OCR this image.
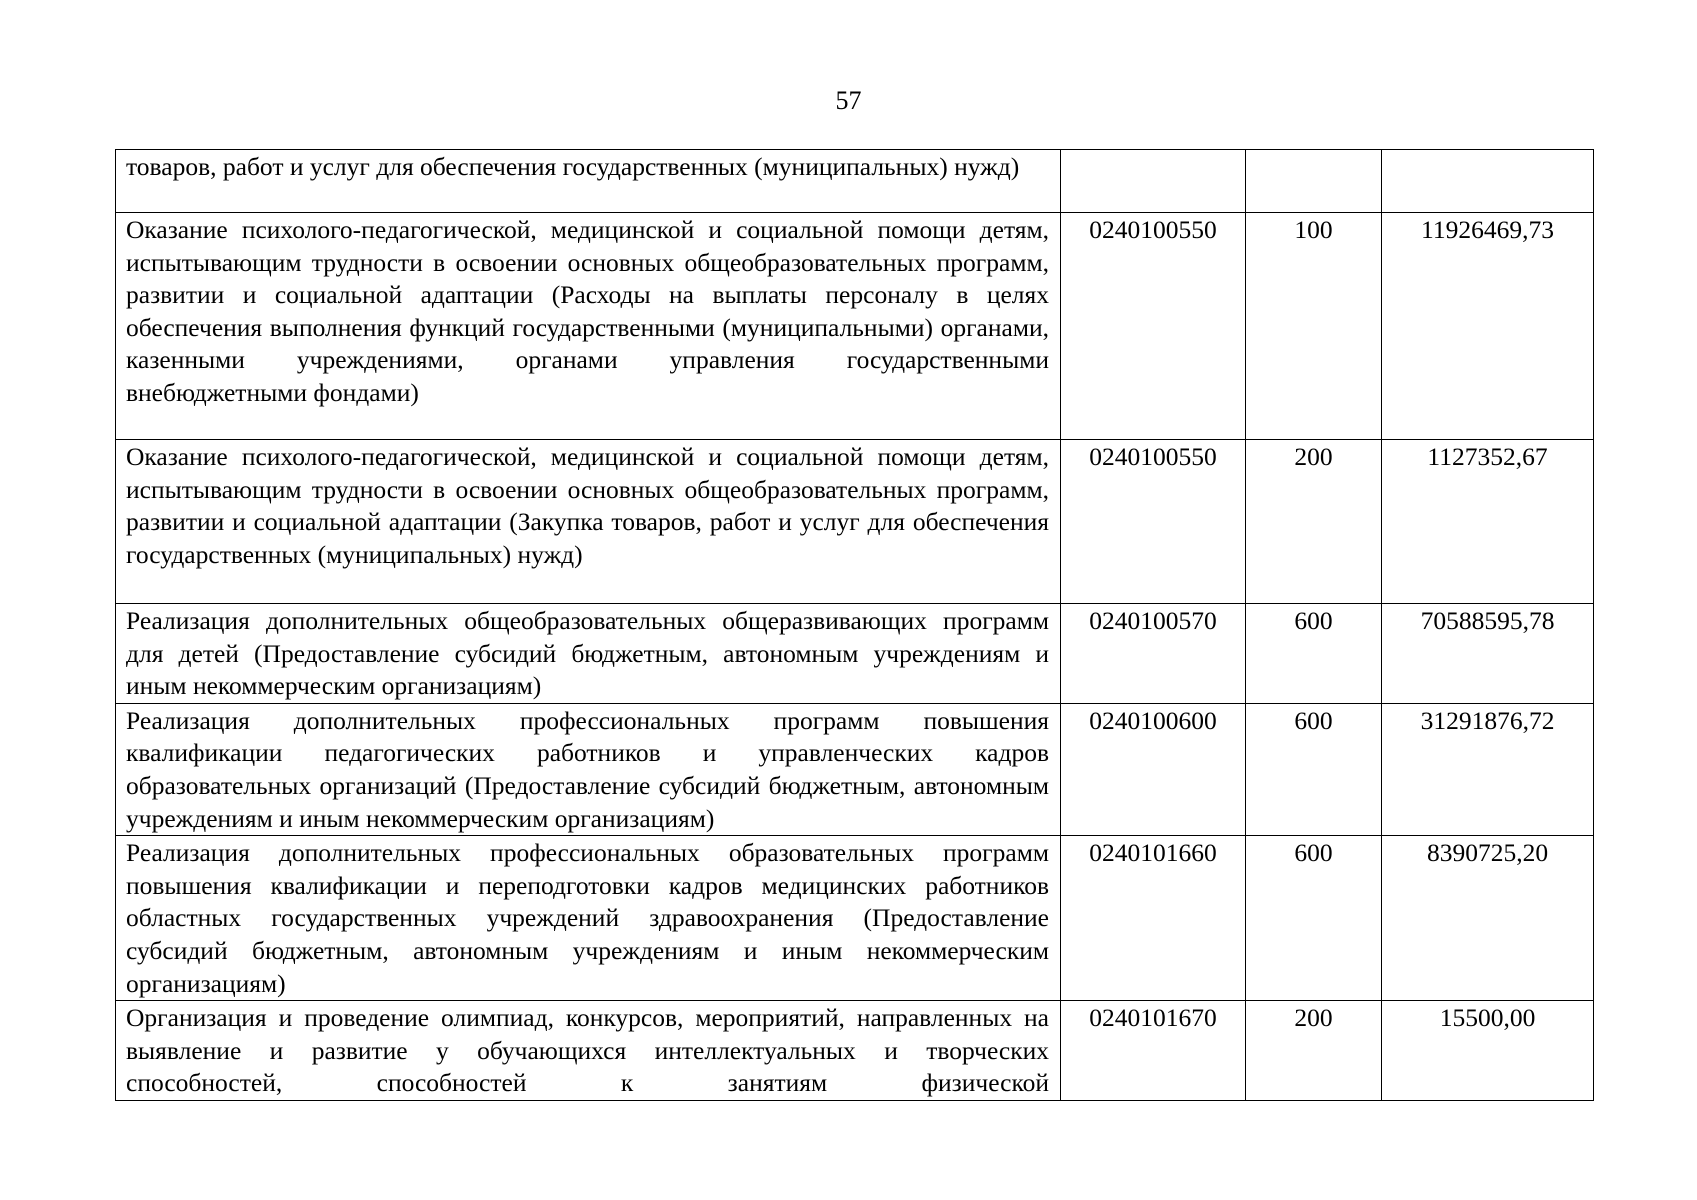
57
товаров, работ и услуг для обеспечения государственных (муниципальных) нужд)			
Оказание психолого-педагогической, медицинской и социальной помощи детям, испытывающим трудности в освоении основных общеобразовательных программ, развитии и социальной адаптации (Расходы на выплаты персоналу в целях обеспечения выполнения функций государственными (муниципальными) органами, казенными учреждениями, органами управления государственными внебюджетными фондами)	0240100550	100	11926469,73
Оказание психолого-педагогической, медицинской и социальной помощи детям, испытывающим трудности в освоении основных общеобразовательных программ, развитии и социальной адаптации (Закупка товаров, работ и услуг для обеспечения государственных (муниципальных) нужд)	0240100550	200	1127352,67
Реализация дополнительных общеобразовательных общеразвивающих программ для детей (Предоставление субсидий бюджетным, автономным учреждениям и иным некоммерческим организациям)	0240100570	600	70588595,78
Реализация дополнительных профессиональных программ повышения квалификации педагогических работников и управленческих кадров образовательных организаций (Предоставление субсидий бюджетным, автономным учреждениям и иным некоммерческим организациям)	0240100600	600	31291876,72
Реализация дополнительных профессиональных образовательных программ повышения квалификации и переподготовки кадров медицинских работников областных государственных учреждений здравоохранения (Предоставление субсидий бюджетным, автономным учреждениям и иным некоммерческим организациям)	0240101660	600	8390725,20
Организация и проведение олимпиад, конкурсов, мероприятий, направленных на выявление и развитие у обучающихся интеллектуальных и творческих способностей, способностей к занятиям физической	0240101670	200	15500,00
